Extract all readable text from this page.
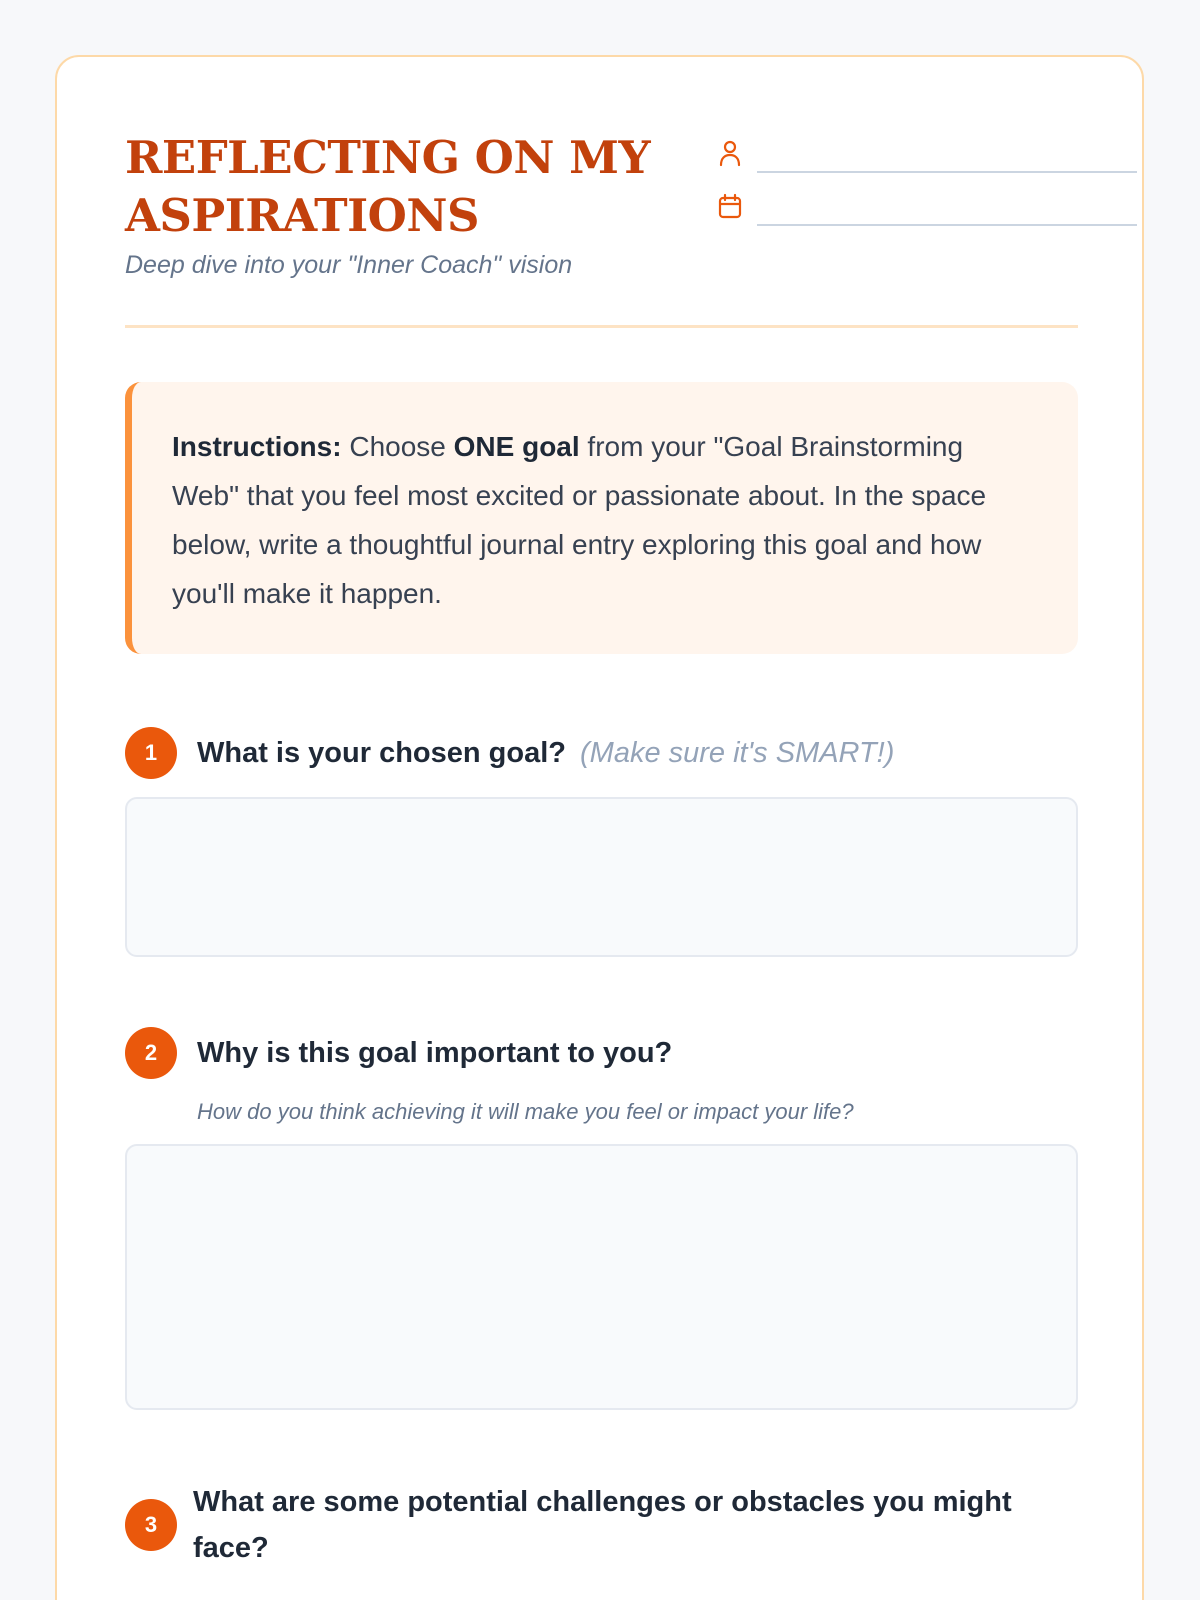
REFLECTING ON MY ASPIRATIONS

Deep dive into your "Inner Coach" vision

Instructions: Choose ONE goal from your "Goal Brainstorming Web" that you feel most excited or passionate about. In the space below, write a thoughtful journal entry exploring this goal and how you'll make it happen.
1	What is your chosen goal? (Make sure it's SMART!)
2	Why is this goal important to you?

How do you think achieving it will make you feel or impact your life?

3
What are some potential challenges or obstacles you might face?
